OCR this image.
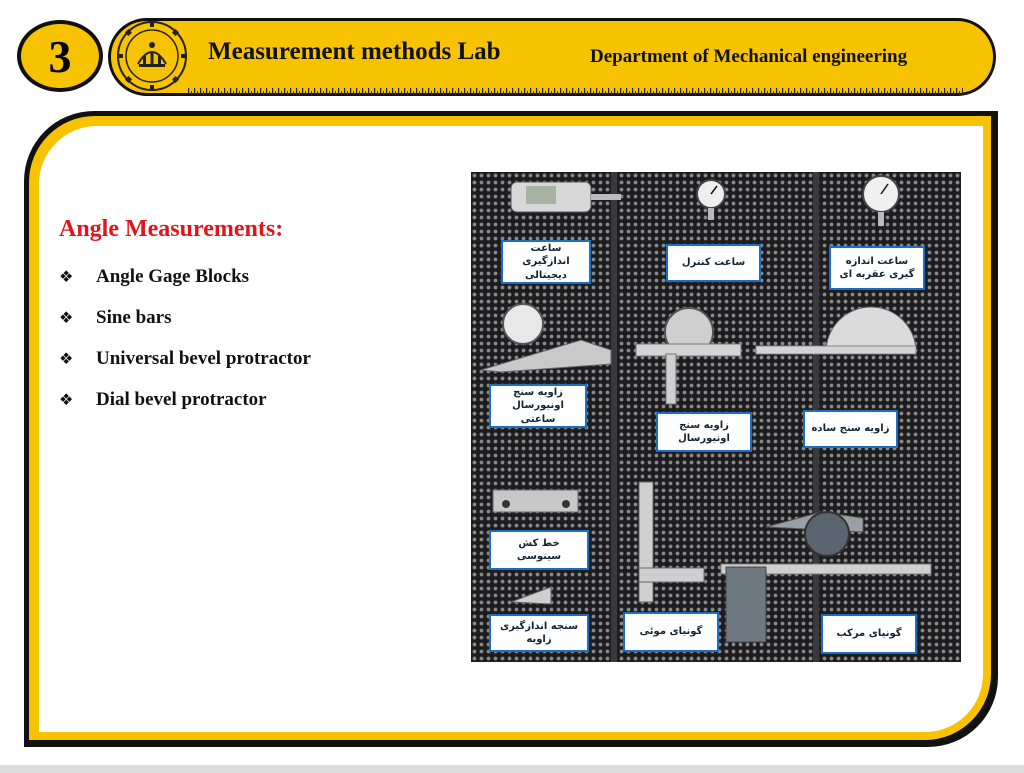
3	Measurement methods Lab	Department of Mechanical engineering
Angle Measurements:
❖	Angle Gage Blocks
❖	Sine bars
❖	Universal bevel protractor
❖	Dial bevel protractor
ساعت اندازگیری دیجیتالی
ساعت کنترل	ساعت اندازه گیری عقربه ای
زاویه سنج اونیورسال ساعتی
زاویه سنج اونیورسال
زاویه سنج ساده
خط کش سینوسی
سنجه اندازگیری زاویه
گونیای موئی	گونیای مرکب
